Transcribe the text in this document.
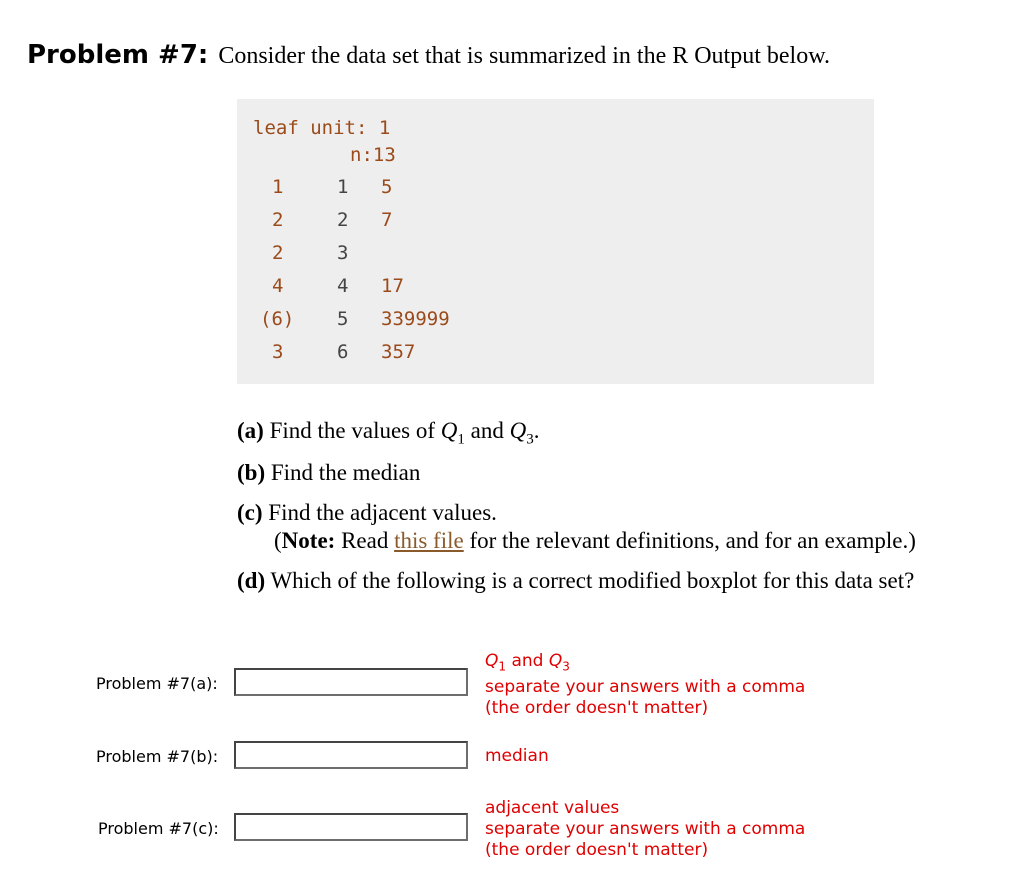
Problem #7: Consider the data set that is summarized in the R Output below.
leaf unit: 1
n:13
1	1 5
2	2 7
2	3
4	4 17
(6) 5 339999
3	6 357
(a) Find the values of $Q_1$ and $Q_3$.
(b) Find the median
(c) Find the adjacent values.
(Note: Read this file for the relevant definitions, and for an example.)
(d) Which of the following is a correct modified boxplot for this data set?
Problem #7(a):
$Q_1$ and $Q_3$
separate your answers with a comma
(the order doesn't matter)
Problem #7(b):	median
Problem #7(c):
adjacent values
separate your answers with a comma
(the order doesn't matter)
